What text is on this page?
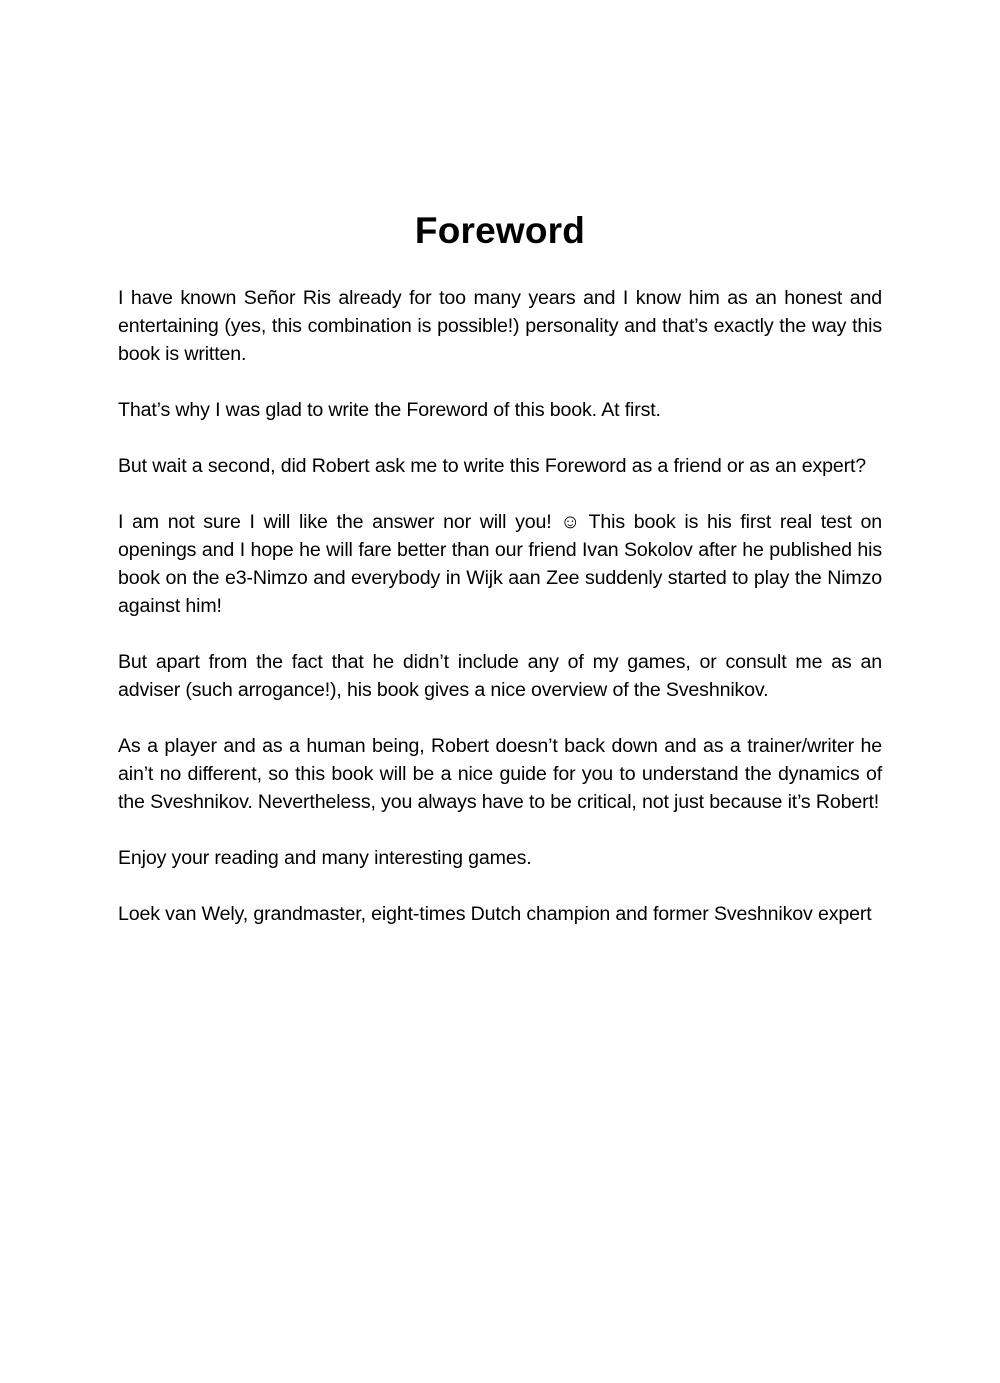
Foreword

I have known Señor Ris already for too many years and I know him as an honest and entertaining (yes, this combination is possible!) personality and that’s exactly the way this book is written.

That’s why I was glad to write the Foreword of this book. At first.

But wait a second, did Robert ask me to write this Foreword as a friend or as an expert?

I am not sure I will like the answer nor will you! ☺ This book is his first real test on openings and I hope he will fare better than our friend Ivan Sokolov after he published his book on the e3-Nimzo and everybody in Wijk aan Zee suddenly started to play the Nimzo against him!

But apart from the fact that he didn’t include any of my games, or consult me as an adviser (such arrogance!), his book gives a nice overview of the Sveshnikov.

As a player and as a human being, Robert doesn’t back down and as a trainer/writer he ain’t no different, so this book will be a nice guide for you to understand the dynamics of the Sveshnikov. Nevertheless, you always have to be critical, not just because it’s Robert!

Enjoy your reading and many interesting games.

Loek van Wely, grandmaster, eight-times Dutch champion and former Sveshnikov expert
